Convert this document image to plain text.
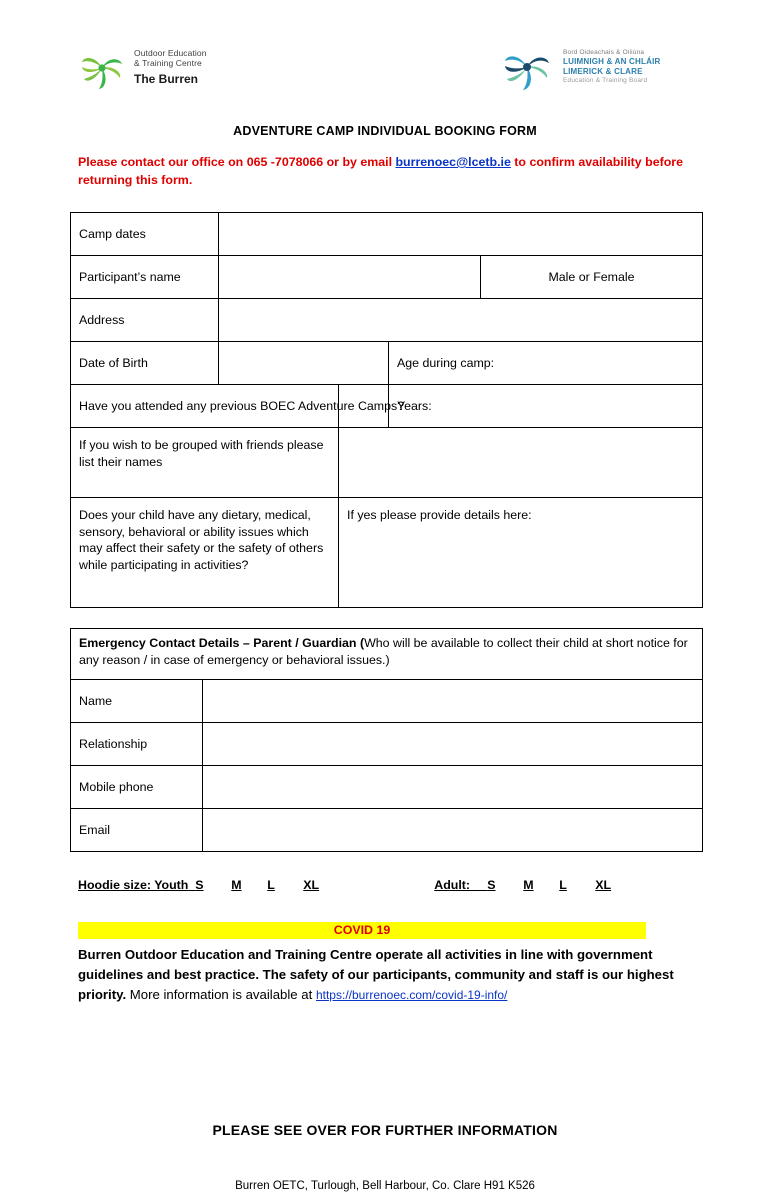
Outdoor Education
& Training Centre
The Burren
Bord Oideachais & Oiliúna
LUIMNIGH & AN CHLÁIR
LIMERICK & CLARE
Education & Training Board
ADVENTURE CAMP INDIVIDUAL BOOKING FORM
Please contact our office on 065 -7078066 or by email burrenoec@lcetb.ie to confirm availability before returning this form.
Camp dates				
Participant’s name				Male or Female
Address				
Date of Birth			Age during camp:	
Have you attended any previous BOEC Adventure Camps?			Years:	
If you wish to be grouped with friends please list their names				
Does your child have any dietary, medical, sensory, behavioral or ability issues which may affect their safety or the safety of others while participating in activities?		If yes please provide details here:		
Emergency Contact Details – Parent / Guardian (Who will be available to collect their child at short notice for any reason / in case of emergency or behavioral issues.)	
Name	
Relationship	
Mobile phone	
Email	
Hoodie size: Youth S M L XL	Adult: S M L XL
COVID 19
Burren Outdoor Education and Training Centre operate all activities in line with government guidelines and best practice. The safety of our participants, community and staff is our highest priority. More information is available at https://burrenoec.com/covid-19-info/
PLEASE SEE OVER FOR FURTHER INFORMATION
Burren OETC, Turlough, Bell Harbour, Co. Clare H91 K526
